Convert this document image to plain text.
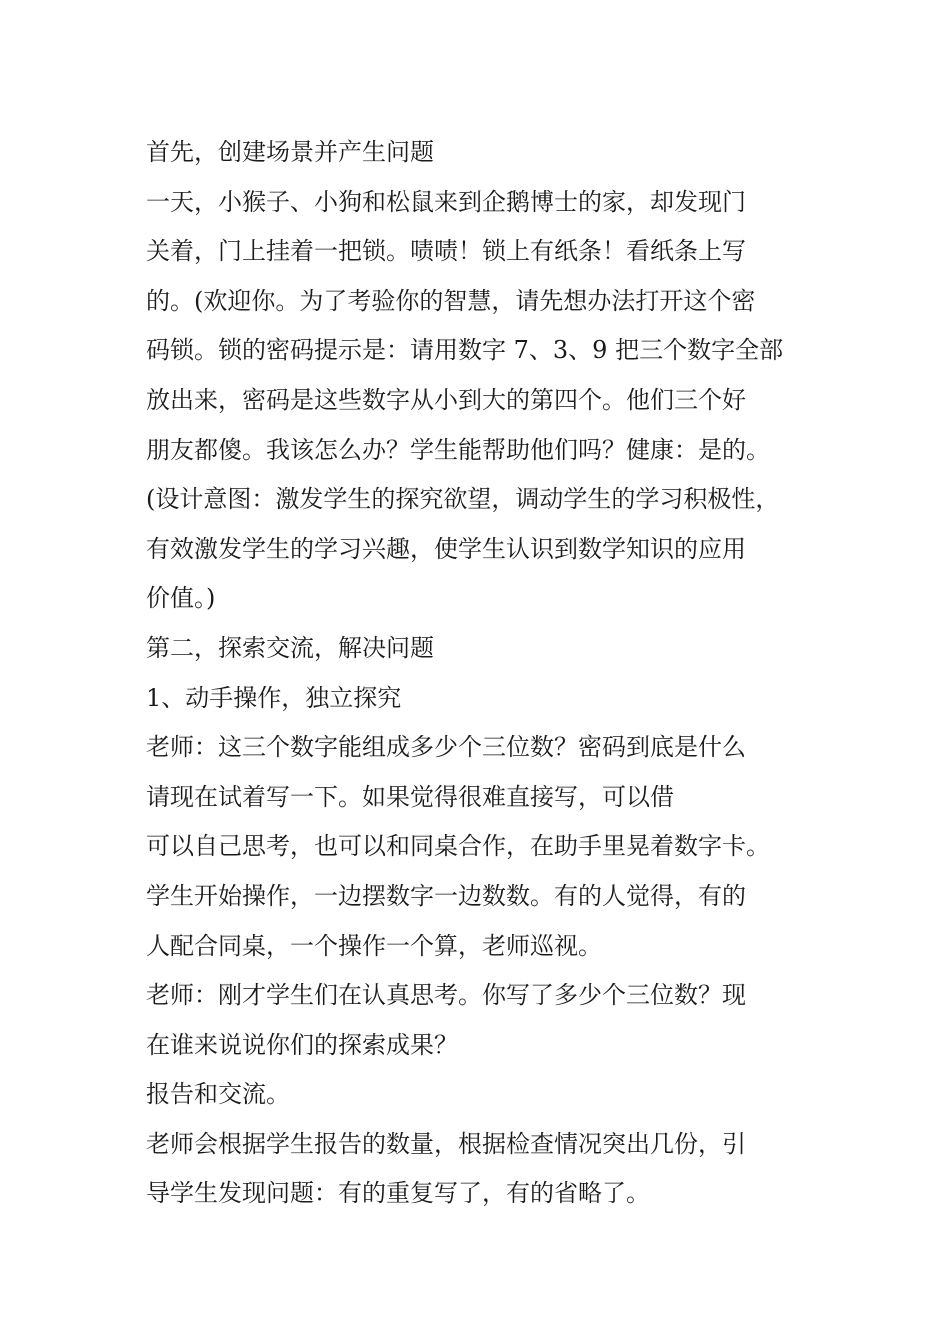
首先，创建场景并产生问题
一天，小猴子、小狗和松鼠来到企鹅博士的家，却发现门
关着，门上挂着一把锁。啧啧！锁上有纸条！看纸条上写
的。(欢迎你。为了考验你的智慧，请先想办法打开这个密
码锁。锁的密码提示是：请用数字 7、3、9 把三个数字全部
放出来，密码是这些数字从小到大的第四个。他们三个好
朋友都傻。我该怎么办？学生能帮助他们吗？健康：是的。
(设计意图：激发学生的探究欲望，调动学生的学习积极性，
有效激发学生的学习兴趣，使学生认识到数学知识的应用
价值。)
第二，探索交流，解决问题
1、动手操作，独立探究
老师：这三个数字能组成多少个三位数？密码到底是什么
请现在试着写一下。如果觉得很难直接写，可以借
可以自己思考，也可以和同桌合作，在助手里晃着数字卡。
学生开始操作，一边摆数字一边数数。有的人觉得，有的
人配合同桌，一个操作一个算，老师巡视。
老师：刚才学生们在认真思考。你写了多少个三位数？现
在谁来说说你们的探索成果？
报告和交流。
老师会根据学生报告的数量，根据检查情况突出几份，引
导学生发现问题：有的重复写了，有的省略了。
